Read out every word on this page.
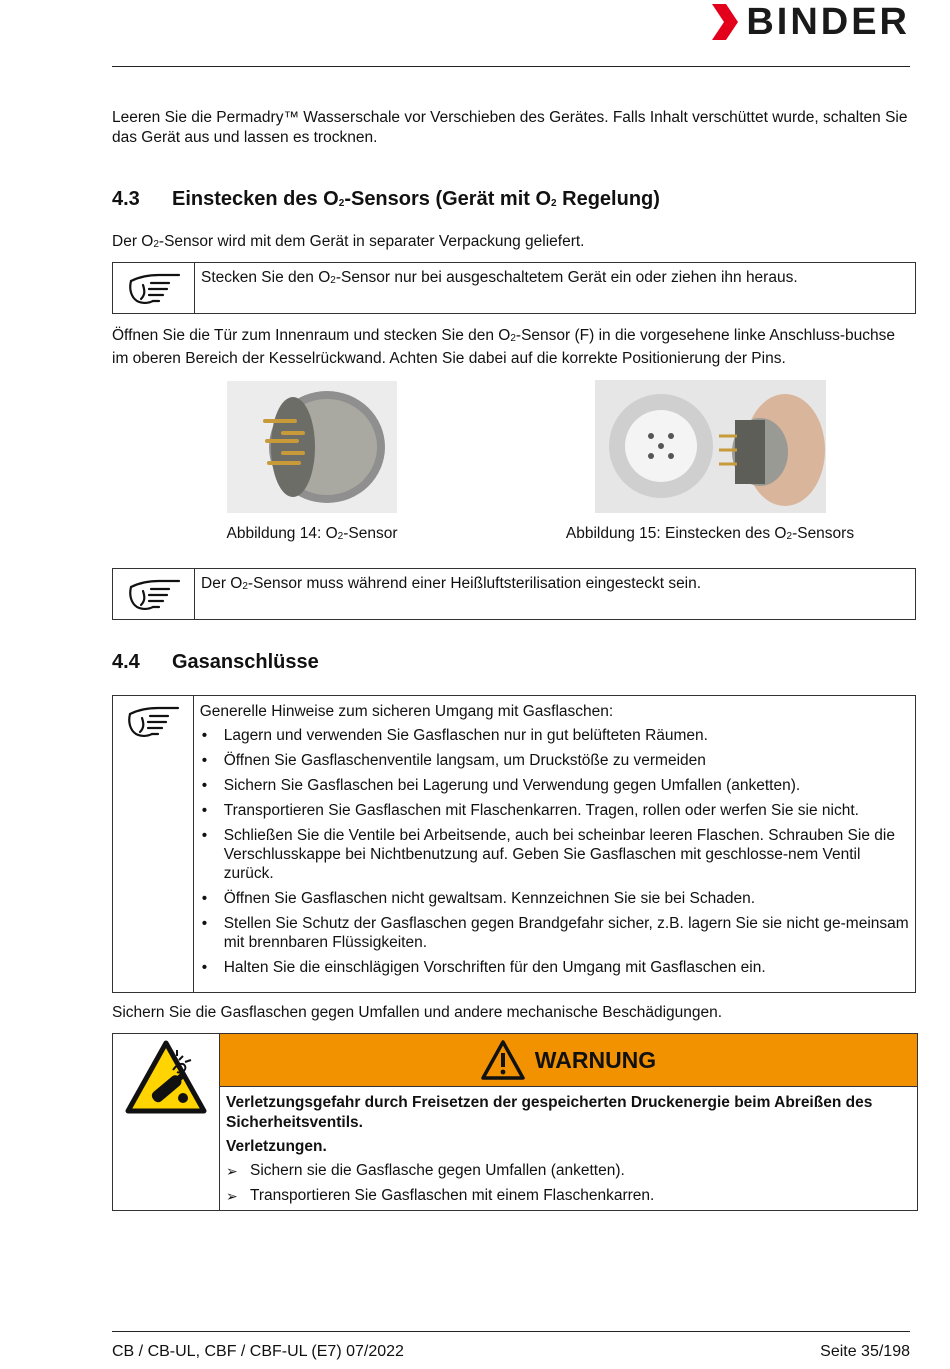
BINDER
Leeren Sie die Permadry™ Wasserschale vor Verschieben des Gerätes. Falls Inhalt verschüttet wurde, schalten Sie das Gerät aus und lassen es trocknen.
4.3 Einstecken des $O_2$-Sensors (Gerät mit $O_2$ Regelung)
Der $O_2$-Sensor wird mit dem Gerät in separater Verpackung geliefert.
Stecken Sie den $O_2$-Sensor nur bei ausgeschaltetem Gerät ein oder ziehen ihn heraus.
Öffnen Sie die Tür zum Innenraum und stecken Sie den $O_2$-Sensor (F) in die vorgesehene linke Anschluss-buchse im oberen Bereich der Kesselrückwand. Achten Sie dabei auf die korrekte Positionierung der Pins.
Abbildung 14: $O_2$-Sensor	Abbildung 15: Einstecken des $O_2$-Sensors
Der $O_2$-Sensor muss während einer Heißluftsterilisation eingesteckt sein.
4.4 Gasanschlüsse
Generelle Hinweise zum sicheren Umgang mit Gasflaschen:
• Lagern und verwenden Sie Gasflaschen nur in gut belüfteten Räumen.
• Öffnen Sie Gasflaschenventile langsam, um Druckstöße zu vermeiden
• Sichern Sie Gasflaschen bei Lagerung und Verwendung gegen Umfallen (anketten).
• Transportieren Sie Gasflaschen mit Flaschenkarren. Tragen, rollen oder werfen Sie sie nicht.
• Schließen Sie die Ventile bei Arbeitsende, auch bei scheinbar leeren Flaschen. Schrauben Sie die Verschlusskappe bei Nichtbenutzung auf. Geben Sie Gasflaschen mit geschlosse-nem Ventil zurück.
• Öffnen Sie Gasflaschen nicht gewaltsam. Kennzeichnen Sie sie bei Schaden.
• Stellen Sie Schutz der Gasflaschen gegen Brandgefahr sicher, z.B. lagern Sie sie nicht ge-meinsam mit brennbaren Flüssigkeiten.
• Halten Sie die einschlägigen Vorschriften für den Umgang mit Gasflaschen ein.
Sichern Sie die Gasflaschen gegen Umfallen und andere mechanische Beschädigungen.
WARNUNG
Verletzungsgefahr durch Freisetzen der gespeicherten Druckenergie beim Abreißen des Sicherheitsventils.
Verletzungen.
➢ Sichern sie die Gasflasche gegen Umfallen (anketten).
➢ Transportieren Sie Gasflaschen mit einem Flaschenkarren.
CB / CB-UL, CBF / CBF-UL (E7) 07/2022	Seite 35/198
